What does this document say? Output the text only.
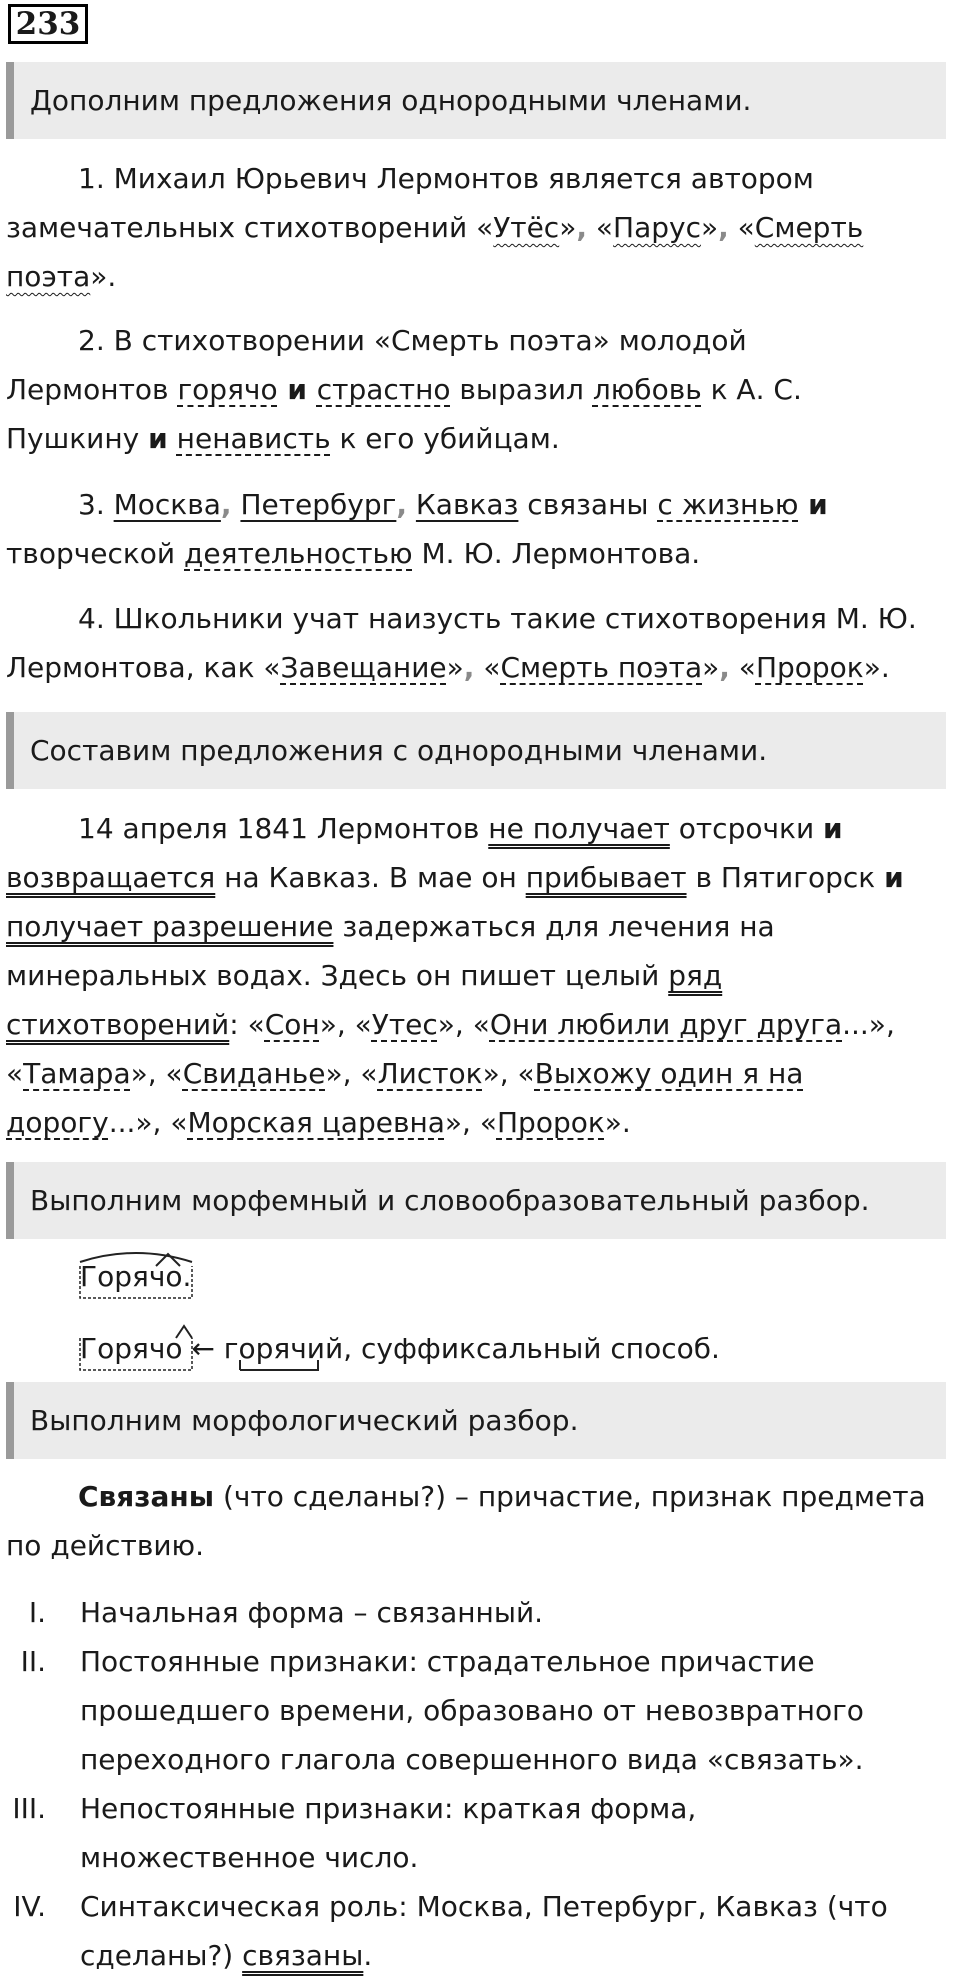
233
Дополним предложения однородными членами.
1. Михаил Юрьевич Лермонтов является автором
замечательных стихотворений «Утёс», «Парус», «Смерть
поэта».
2. В стихотворении «Смерть поэта» молодой
Лермонтов горячо и страстно выразил любовь к А. С.
Пушкину и ненависть к его убийцам.
3. Москва, Петербург, Кавказ связаны с жизнью и
творческой деятельностью М. Ю. Лермонтова.
4. Школьники учат наизусть такие стихотворения М. Ю.
Лермонтова, как «Завещание», «Смерть поэта», «Пророк».
Составим предложения с однородными членами.
14 апреля 1841 Лермонтов не получает отсрочки и
возвращается на Кавказ. В мае он прибывает в Пятигорск и
получает разрешение задержаться для лечения на
минеральных водах. Здесь он пишет целый ряд
стихотворений: «Сон», «Утес», «Они любили друг друга...»,
«Тамара», «Свиданье», «Листок», «Выхожу один я на
дорогу...», «Морская царевна», «Пророк».
Выполним морфемный и словообразовательный разбор.
Горячо.
Горячо ← горячий, суффиксальный способ.
Выполним морфологический разбор.
Связаны (что сделаны?) – причастие, признак предмета
по действию.
I.	Начальная форма – связанный.
II.	Постоянные признаки: страдательное причастие
прошедшего времени, образовано от невозвратного
переходного глагола совершенного вида «связать».
III.	Непостоянные признаки: краткая форма,
множественное число.
IV.	Синтаксическая роль: Москва, Петербург, Кавказ (что
сделаны?) связаны.
